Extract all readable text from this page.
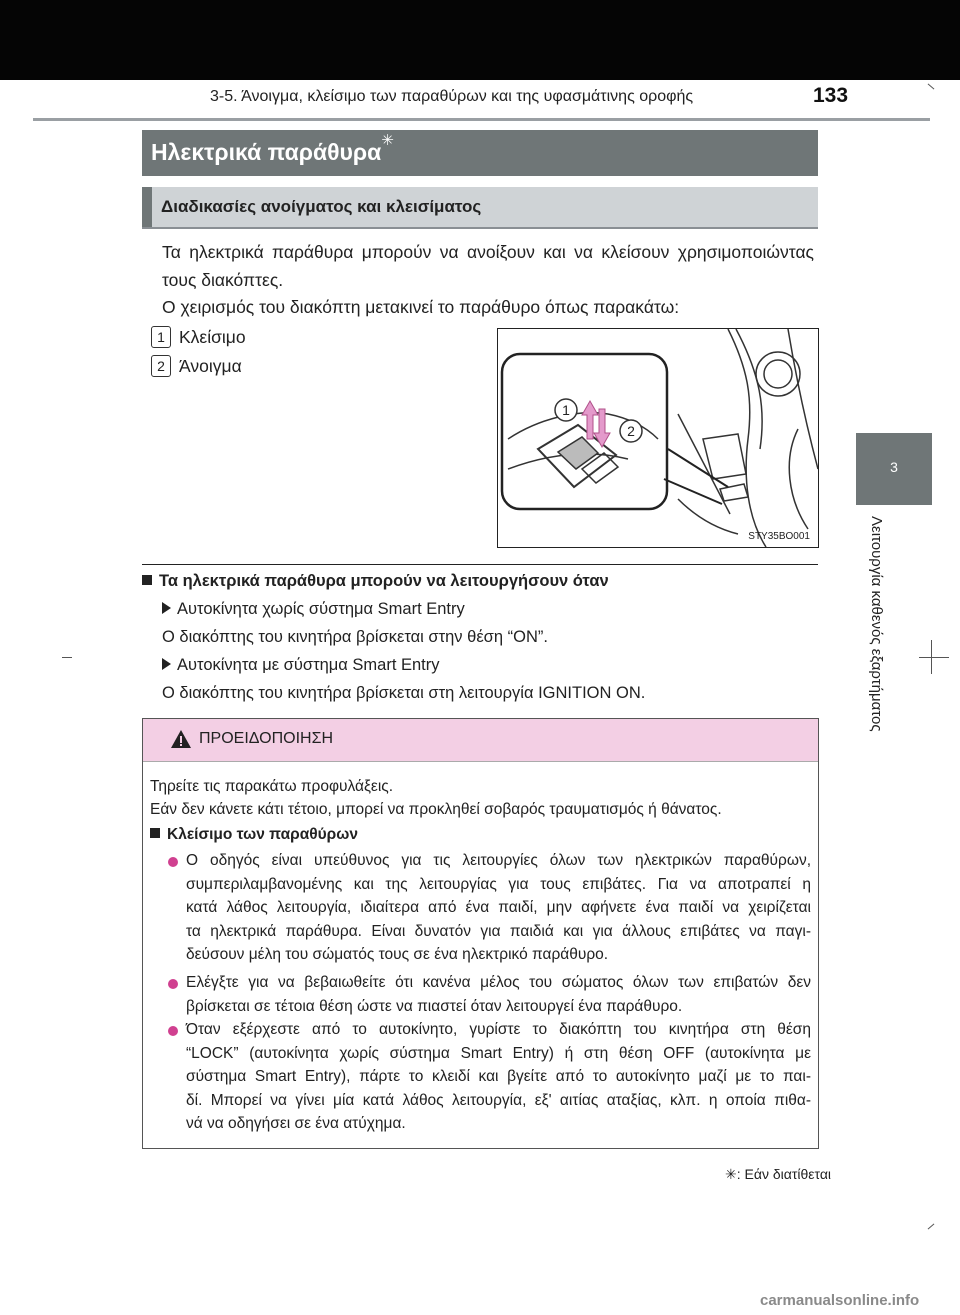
3-5. Άνοιγμα, κλείσιμο των παραθύρων και της υφασμάτινης οροφής	133
3
Λειτουργία καθενός εξαρτήματος
Ηλεκτρικά παράθυρα ✳
Διαδικασίες ανοίγματος και κλεισίματος
Τα ηλεκτρικά παράθυρα μπορούν να ανοίξουν και να κλείσουν χρησιμοποιώντας τους διακόπτες.
Ο χειρισμός του διακόπτη μετακινεί το παράθυρο όπως παρακάτω:
1 Κλείσιμο
2 Άνοιγμα
1
2
STY35BO001
Τα ηλεκτρικά παράθυρα μπορούν να λειτουργήσουν όταν
Αυτοκίνητα χωρίς σύστημα Smart Entry
Ο διακόπτης του κινητήρα βρίσκεται στην θέση “ON”.
Αυτοκίνητα με σύστημα Smart Entry
Ο διακόπτης του κινητήρα βρίσκεται στη λειτουργία IGNITION ON.
ΠΡΟΕΙΔΟΠΟΙΗΣΗ
Τηρείτε τις παρακάτω προφυλάξεις.
Εάν δεν κάνετε κάτι τέτοιο, μπορεί να προκληθεί σοβαρός τραυματισμός ή θάνατος.
Κλείσιμο των παραθύρων
Ο οδηγός είναι υπεύθυνος για τις λειτουργίες όλων των ηλεκτρικών παραθύρων,
συμπεριλαμβανομένης και της λειτουργίας για τους επιβάτες. Για να αποτραπεί η
κατά λάθος λειτουργία, ιδιαίτερα από ένα παιδί, μην αφήνετε ένα παιδί να χειρίζεται
τα ηλεκτρικά παράθυρα. Είναι δυνατόν για παιδιά και για άλλους επιβάτες να παγι-
δεύσουν μέλη του σώματός τους σε ένα ηλεκτρικό παράθυρο.
Ελέγξτε για να βεβαιωθείτε ότι κανένα μέλος του σώματος όλων των επιβατών δεν
βρίσκεται σε τέτοια θέση ώστε να πιαστεί όταν λειτουργεί ένα παράθυρο.
Όταν εξέρχεστε από το αυτοκίνητο, γυρίστε το διακόπτη του κινητήρα στη θέση
“LOCK” (αυτοκίνητα χωρίς σύστημα Smart Entry) ή στη θέση OFF (αυτοκίνητα με
σύστημα Smart Entry), πάρτε το κλειδί και βγείτε από το αυτοκίνητο μαζί με το παι-
δί. Μπορεί να γίνει μία κατά λάθος λειτουργία, εξ' αιτίας αταξίας, κλπ. η οποία πιθα-
νά να οδηγήσει σε ένα ατύχημα.
✳: Εάν διατίθεται
carmanualsonline.info
